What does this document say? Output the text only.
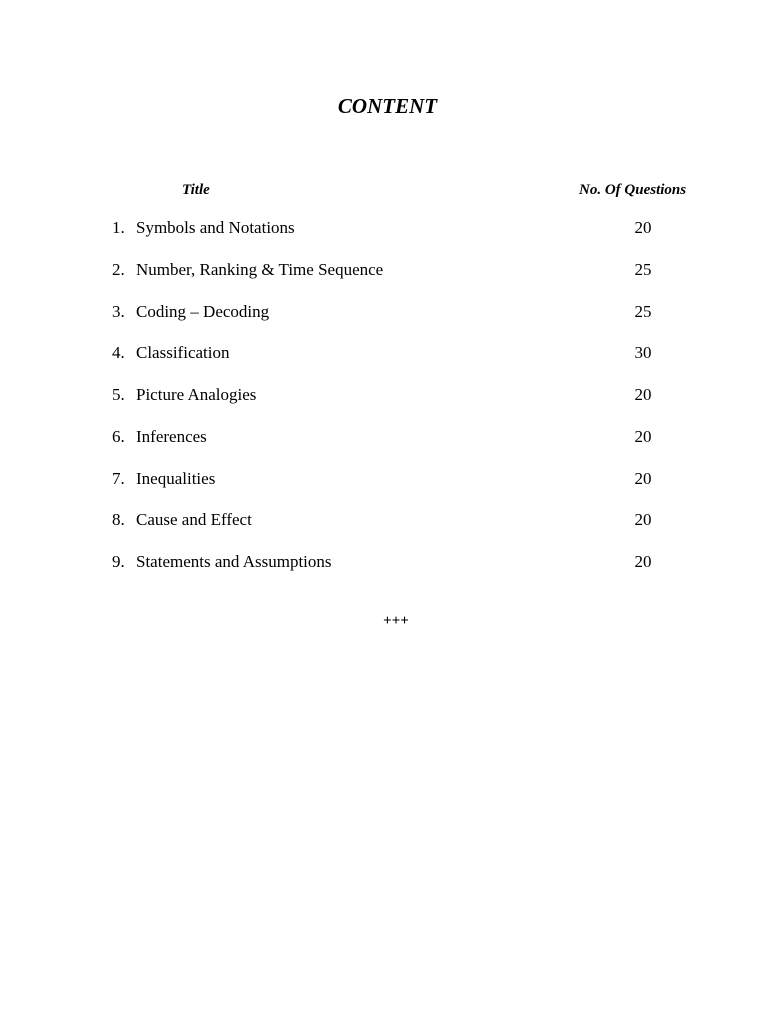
CONTENT
Title	No. Of Questions
1. Symbols and Notations	20
2. Number, Ranking & Time Sequence	25
3. Coding – Decoding	25
4. Classification	30
5. Picture Analogies	20
6. Inferences	20
7. Inequalities	20
8. Cause and Effect	20
9. Statements and Assumptions	20
+++
